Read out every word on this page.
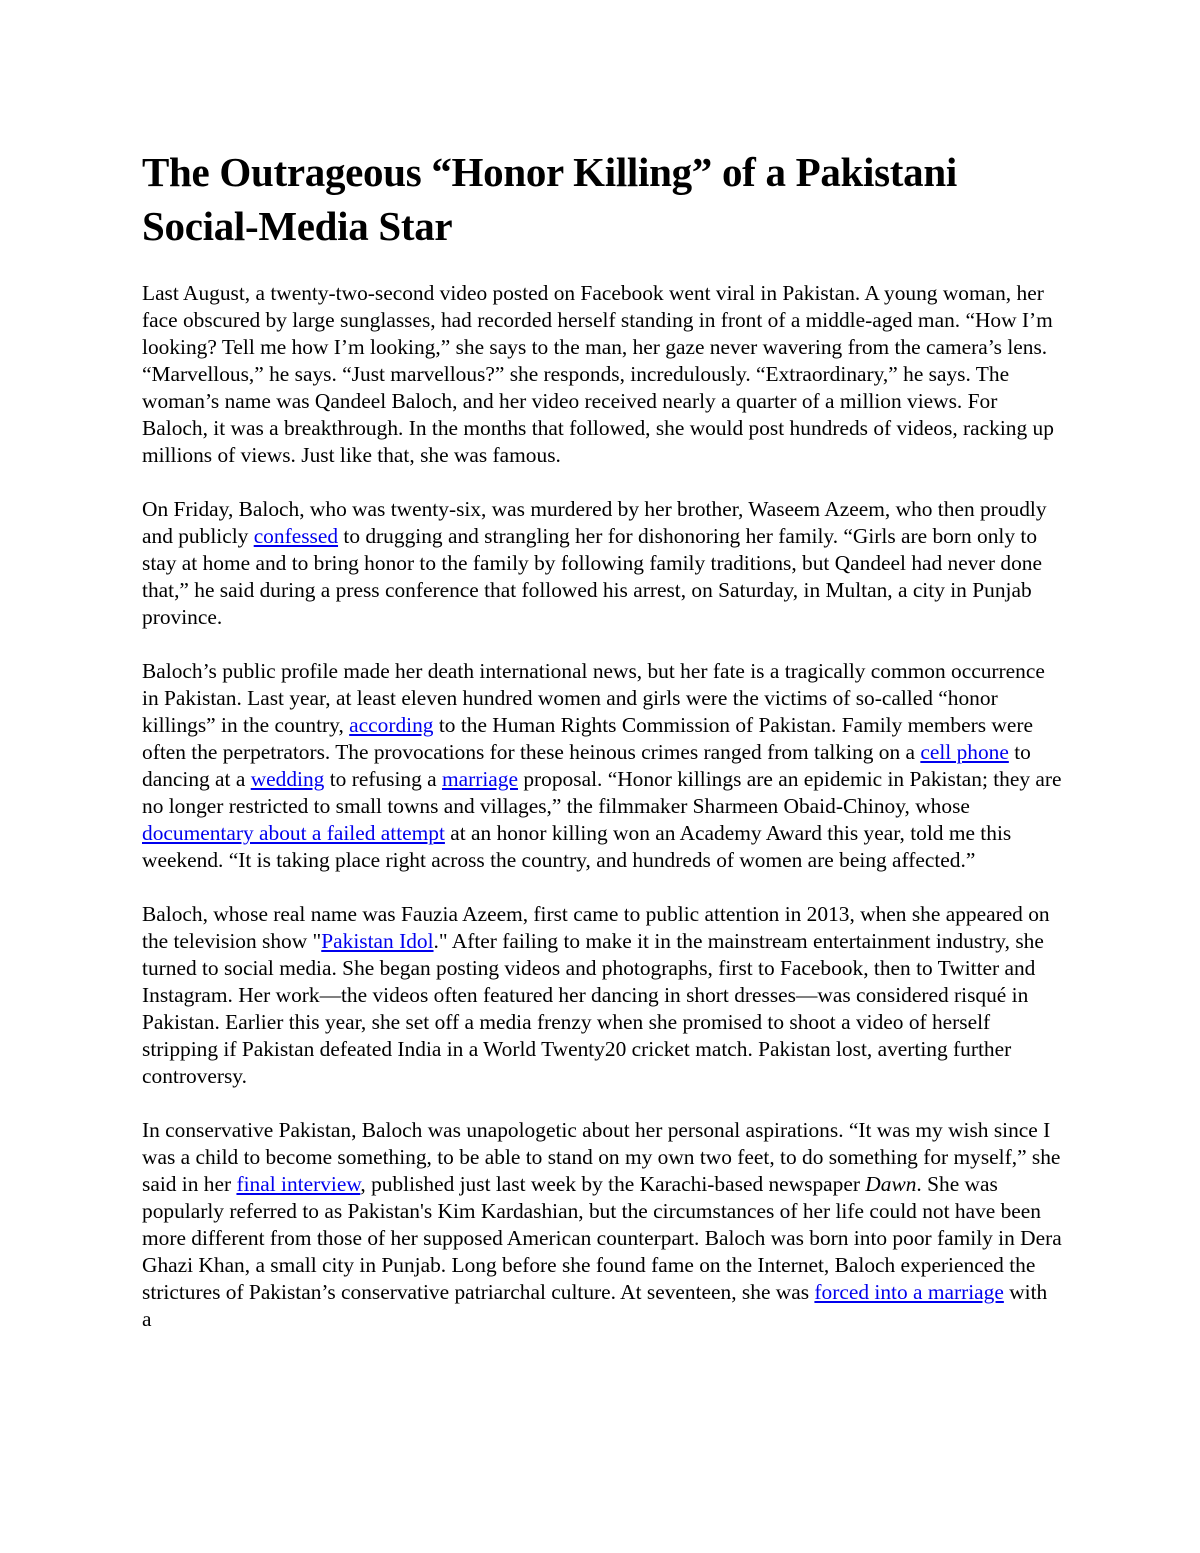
The Outrageous “Honor Killing” of a Pakistani Social-Media Star

Last August, a twenty-two-second video posted on Facebook went viral in Pakistan. A young woman, her face obscured by large sunglasses, had recorded herself standing in front of a middle-aged man. “How I’m looking? Tell me how I’m looking,” she says to the man, her gaze never wavering from the camera’s lens. “Marvellous,” he says. “Just marvellous?” she responds, incredulously. “Extraordinary,” he says. The woman’s name was Qandeel Baloch, and her video received nearly a quarter of a million views. For Baloch, it was a breakthrough. In the months that followed, she would post hundreds of videos, racking up millions of views. Just like that, she was famous.

On Friday, Baloch, who was twenty-six, was murdered by her brother, Waseem Azeem, who then proudly and publicly confessed to drugging and strangling her for dishonoring her family. “Girls are born only to stay at home and to bring honor to the family by following family traditions, but Qandeel had never done that,” he said during a press conference that followed his arrest, on Saturday, in Multan, a city in Punjab province.

Baloch’s public profile made her death international news, but her fate is a tragically common occurrence in Pakistan. Last year, at least eleven hundred women and girls were the victims of so-called “honor killings” in the country, according to the Human Rights Commission of Pakistan. Family members were often the perpetrators. The provocations for these heinous crimes ranged from talking on a cell phone to dancing at a wedding to refusing a marriage proposal. “Honor killings are an epidemic in Pakistan; they are no longer restricted to small towns and villages,” the filmmaker Sharmeen Obaid-Chinoy, whose documentary about a failed attempt at an honor killing won an Academy Award this year, told me this weekend. “It is taking place right across the country, and hundreds of women are being affected.”

Baloch, whose real name was Fauzia Azeem, first came to public attention in 2013, when she appeared on the television show "Pakistan Idol." After failing to make it in the mainstream entertainment industry, she turned to social media. She began posting videos and photographs, first to Facebook, then to Twitter and Instagram. Her work—the videos often featured her dancing in short dresses—was considered risqué in Pakistan. Earlier this year, she set off a media frenzy when she promised to shoot a video of herself stripping if Pakistan defeated India in a World Twenty20 cricket match. Pakistan lost, averting further controversy.

In conservative Pakistan, Baloch was unapologetic about her personal aspirations. “It was my wish since I was a child to become something, to be able to stand on my own two feet, to do something for myself,” she said in her final interview, published just last week by the Karachi-based newspaper Dawn. She was popularly referred to as Pakistan's Kim Kardashian, but the circumstances of her life could not have been more different from those of her supposed American counterpart. Baloch was born into poor family in Dera Ghazi Khan, a small city in Punjab. Long before she found fame on the Internet, Baloch experienced the strictures of Pakistan’s conservative patriarchal culture. At seventeen, she was forced into a marriage with a
